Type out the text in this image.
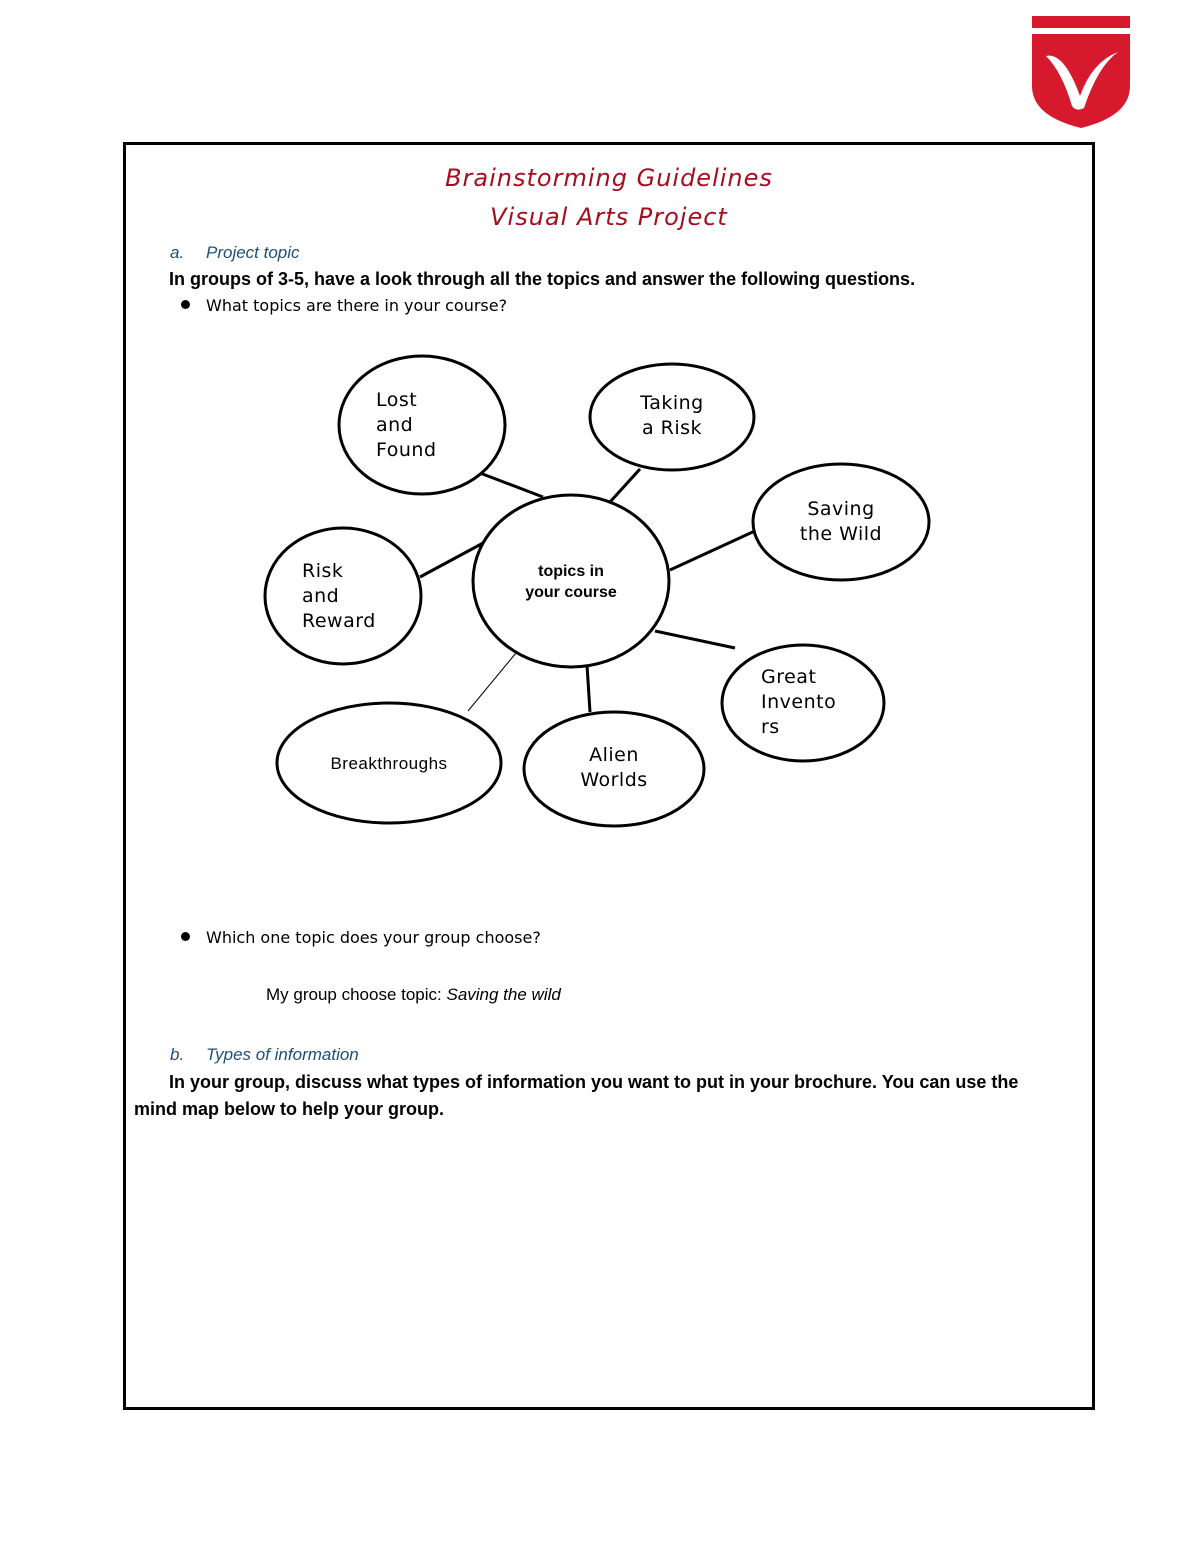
Brainstorming Guidelines
Visual Arts Project
a. Project topic
In groups of 3-5, have a look through all the topics and answer the following questions.
What topics are there in your course?
Which one topic does your group choose?
My group choose topic: Saving the wild
b. Types of information
In your group, discuss what types of information you want to put in your brochure. You can use the
mind map below to help your group.
Lost
and
Found
Taking
a Risk
Saving
the Wild
Risk
and
Reward
Great
Invento
rs
Breakthroughs	Alien
Worlds
topics in
your course
